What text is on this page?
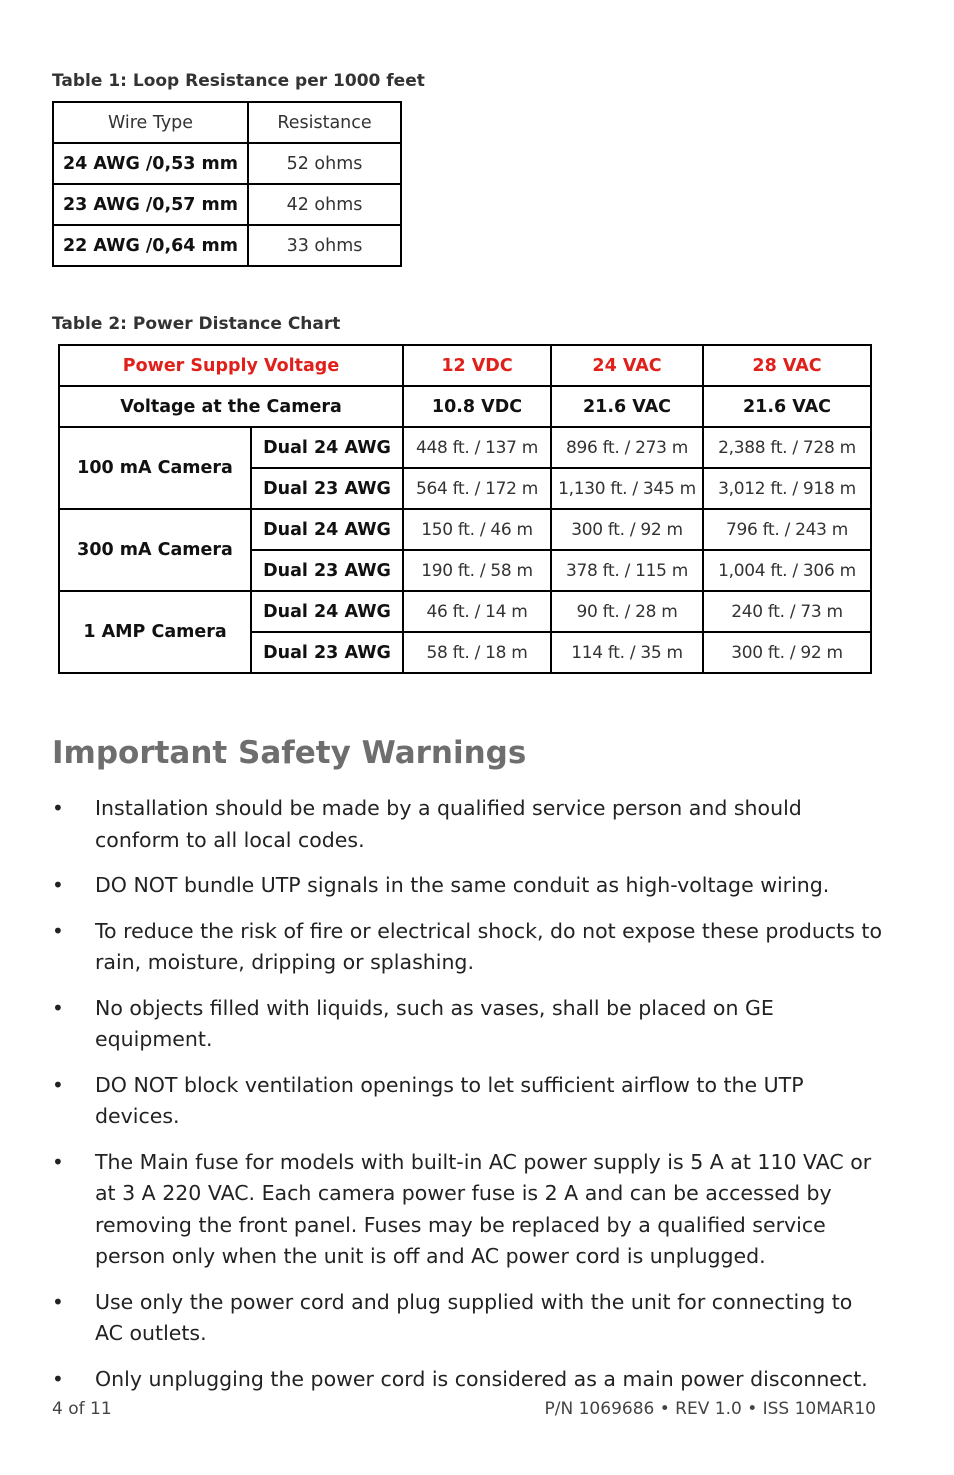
Table 1: Loop Resistance per 1000 feet
Wire Type	Resistance
24 AWG /0,53 mm	52 ohms
23 AWG /0,57 mm	42 ohms
22 AWG /0,64 mm	33 ohms
Table 2: Power Distance Chart
Power Supply Voltage		12 VDC	24 VAC	28 VAC
Voltage at the Camera		10.8 VDC	21.6 VAC	21.6 VAC
100 mA Camera	Dual 24 AWG	448 ft. / 137 m	896 ft. / 273 m	2,388 ft. / 728 m
	Dual 23 AWG	564 ft. / 172 m	1,130 ft. / 345 m	3,012 ft. / 918 m
300 mA Camera	Dual 24 AWG	150 ft. / 46 m	300 ft. / 92 m	796 ft. / 243 m
	Dual 23 AWG	190 ft. / 58 m	378 ft. / 115 m	1,004 ft. / 306 m
1 AMP Camera	Dual 24 AWG	46 ft. / 14 m	90 ft. / 28 m	240 ft. / 73 m
	Dual 23 AWG	58 ft. / 18 m	114 ft. / 35 m	300 ft. / 92 m
Important Safety Warnings
• Installation should be made by a qualified service person and should conform to all local codes.
• DO NOT bundle UTP signals in the same conduit as high-voltage wiring.
• To reduce the risk of fire or electrical shock, do not expose these products to rain, moisture, dripping or splashing.
• No objects filled with liquids, such as vases, shall be placed on GE equipment.
• DO NOT block ventilation openings to let sufficient airflow to the UTP devices.
• The Main fuse for models with built-in AC power supply is 5 A at 110 VAC or at 3 A 220 VAC. Each camera power fuse is 2 A and can be accessed by removing the front panel. Fuses may be replaced by a qualified service person only when the unit is off and AC power cord is unplugged.
• Use only the power cord and plug supplied with the unit for connecting to AC outlets.
• Only unplugging the power cord is considered as a main power disconnect.
4 of 11	P/N 1069686 • REV 1.0 • ISS 10MAR10
